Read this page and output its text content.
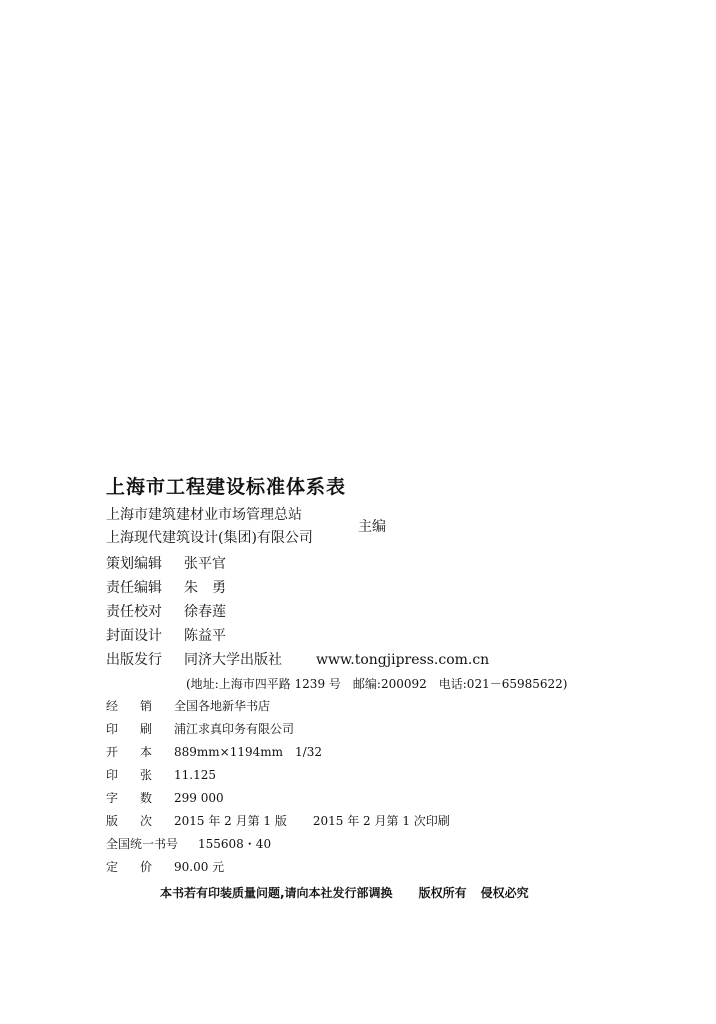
上海市工程建设标准体系表
上海市建筑建材业市场管理总站
上海现代建筑设计(集团)有限公司
主编
策划编辑 张平官
责任编辑 朱　勇
责任校对 徐春莲
封面设计 陈益平
出版发行 同济大学出版社 www.tongjipress.com.cn
(地址:上海市四平路 1239 号 邮编:200092 电话:021－65985622)
经 销 全国各地新华书店
印 刷 浦江求真印务有限公司
开 本 889mm×1194mm　1/32
印 张 11.125
字 数 299 000
版 次 2015 年 2 月第 1 版 2015 年 2 月第 1 次印刷
全国统一书号 155608・40
定 价 90.00 元

本书若有印装质量问题,请向本社发行部调换 版权所有 侵权必究
